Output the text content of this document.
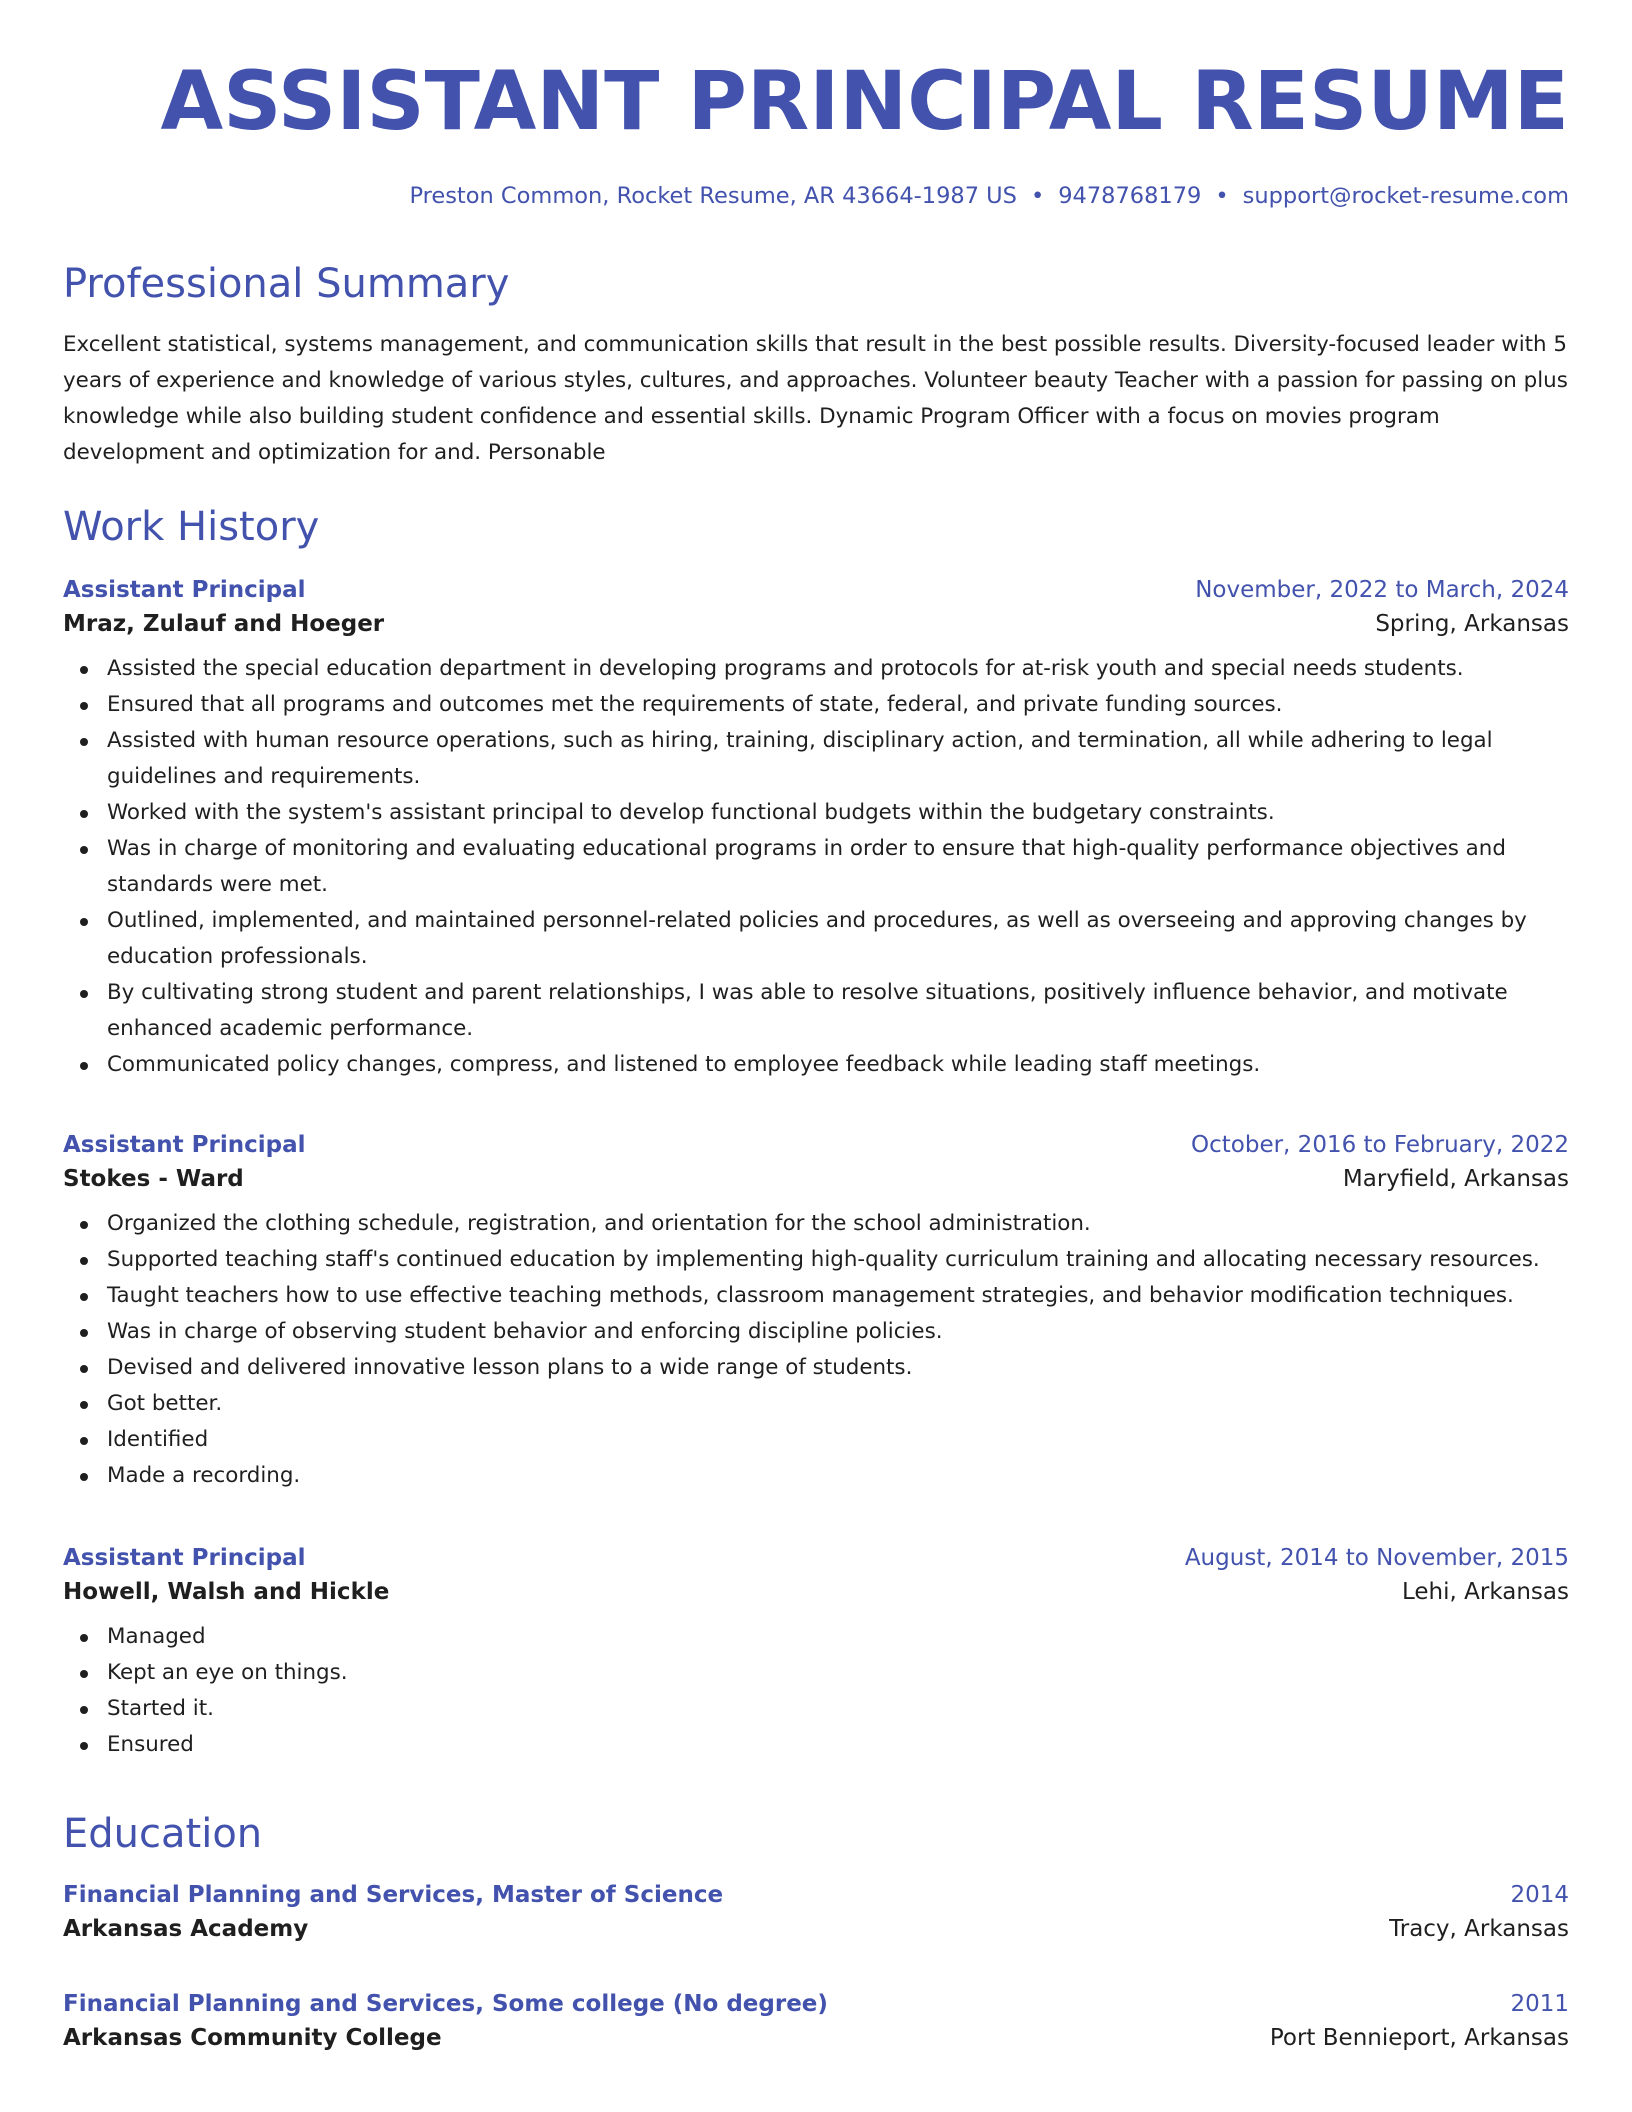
ASSISTANT PRINCIPAL RESUME
Preston Common, Rocket Resume, AR 43664-1987 US • 9478768179 • support@rocket-resume.com
Professional Summary

Excellent statistical, systems management, and communication skills that result in the best possible results. Diversity-focused leader with 5 years of experience and knowledge of various styles, cultures, and approaches. Volunteer beauty Teacher with a passion for passing on plus knowledge while also building student confidence and essential skills. Dynamic Program Officer with a focus on movies program development and optimization for and. Personable

Work History
Assistant Principal	November, 2022 to March, 2024
Mraz, Zulauf and Hoeger	Spring, Arkansas
Assisted the special education department in developing programs and protocols for at-risk youth and special needs students.
Ensured that all programs and outcomes met the requirements of state, federal, and private funding sources.
Assisted with human resource operations, such as hiring, training, disciplinary action, and termination, all while adhering to legal guidelines and requirements.
Worked with the system's assistant principal to develop functional budgets within the budgetary constraints.
Was in charge of monitoring and evaluating educational programs in order to ensure that high-quality performance objectives and standards were met.
Outlined, implemented, and maintained personnel-related policies and procedures, as well as overseeing and approving changes by education professionals.
By cultivating strong student and parent relationships, I was able to resolve situations, positively influence behavior, and motivate enhanced academic performance.
Communicated policy changes, compress, and listened to employee feedback while leading staff meetings.
Assistant Principal	October, 2016 to February, 2022
Stokes - Ward	Maryfield, Arkansas
Organized the clothing schedule, registration, and orientation for the school administration.
Supported teaching staff's continued education by implementing high-quality curriculum training and allocating necessary resources.
Taught teachers how to use effective teaching methods, classroom management strategies, and behavior modification techniques.
Was in charge of observing student behavior and enforcing discipline policies.
Devised and delivered innovative lesson plans to a wide range of students.
Got better.
Identified
Made a recording.
Assistant Principal	August, 2014 to November, 2015
Howell, Walsh and Hickle	Lehi, Arkansas
Managed
Kept an eye on things.
Started it.
Ensured
Education
Financial Planning and Services, Master of Science	2014
Arkansas Academy	Tracy, Arkansas
Financial Planning and Services, Some college (No degree)	2011
Arkansas Community College	Port Bennieport, Arkansas
